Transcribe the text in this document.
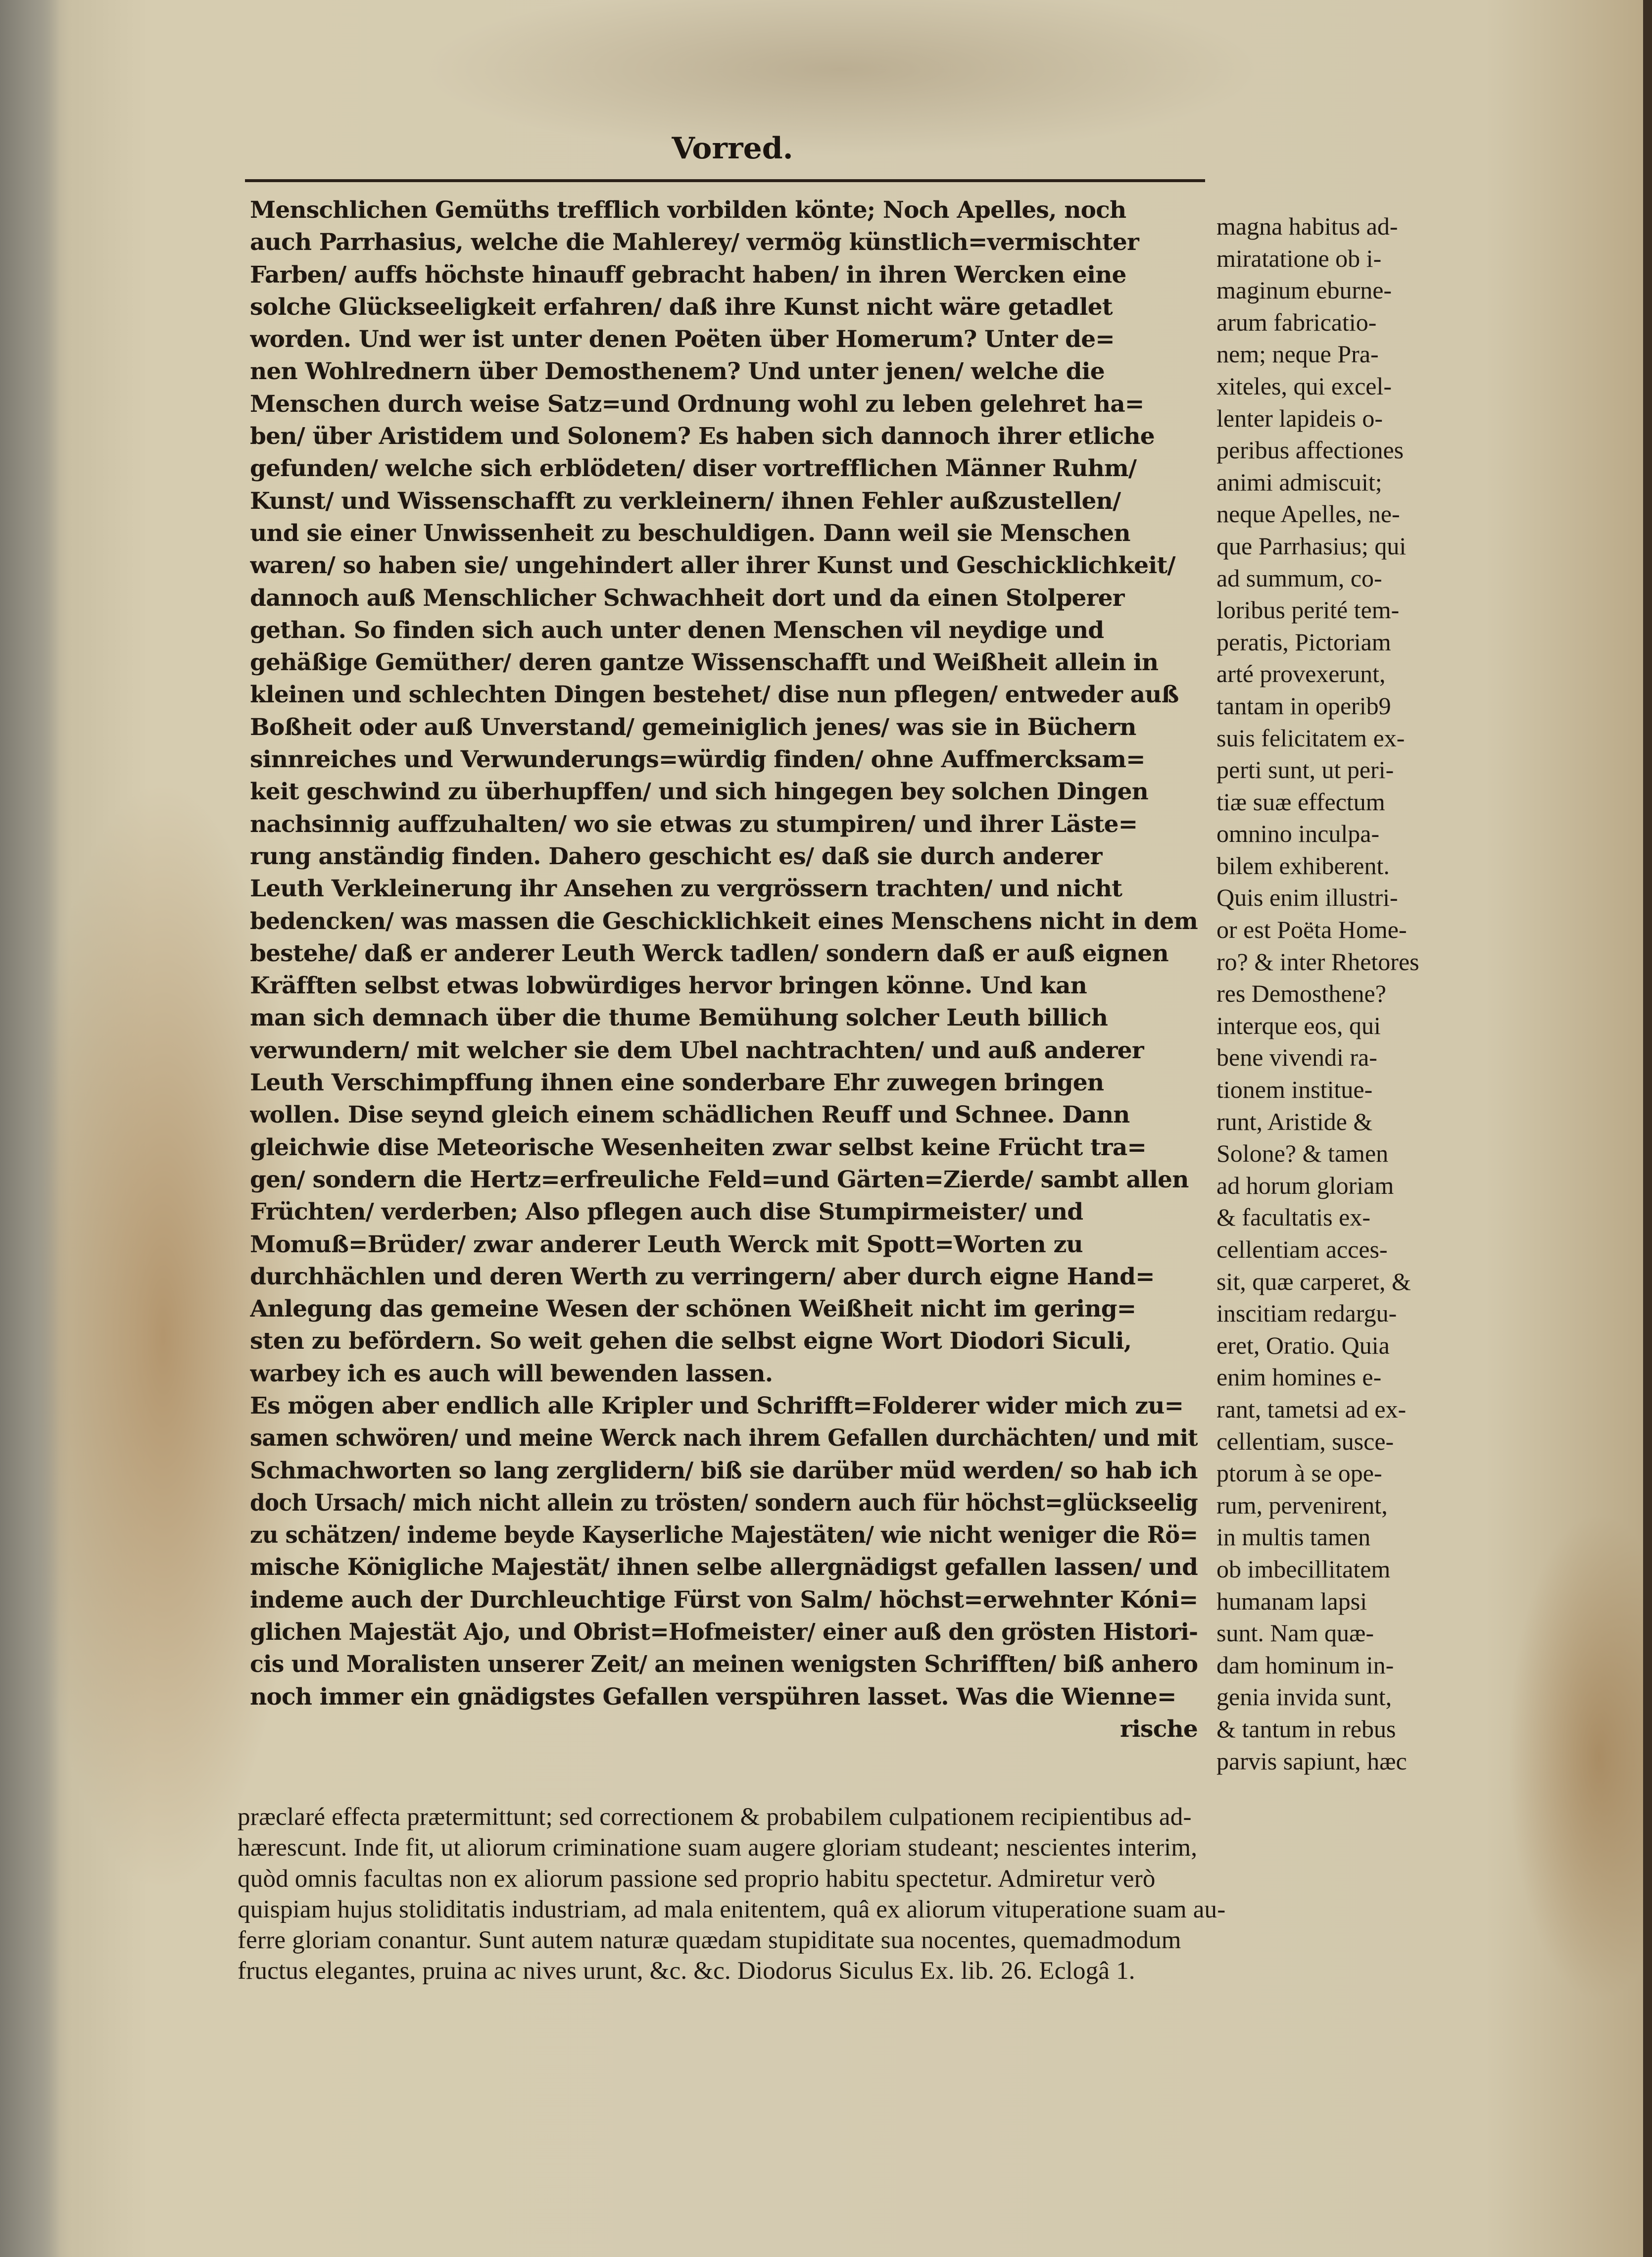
Vorred.
Menschlichen Gemüths trefflich vorbilden könte; Noch Apelles, noch
auch Parrhasius, welche die Mahlerey/ vermög künstlich=vermischter
Farben/ auffs höchste hinauff gebracht haben/ in ihren Wercken eine
solche Glückseeligkeit erfahren/ daß ihre Kunst nicht wäre getadlet
worden. Und wer ist unter denen Poëten über Homerum? Unter de=
nen Wohlrednern über Demosthenem? Und unter jenen/ welche die
Menschen durch weise Satz=und Ordnung wohl zu leben gelehret ha=
ben/ über Aristidem und Solonem? Es haben sich dannoch ihrer etliche
gefunden/ welche sich erblödeten/ diser vortrefflichen Männer Ruhm/
Kunst/ und Wissenschafft zu verkleinern/ ihnen Fehler außzustellen/
und sie einer Unwissenheit zu beschuldigen. Dann weil sie Menschen
waren/ so haben sie/ ungehindert aller ihrer Kunst und Geschicklichkeit/
dannoch auß Menschlicher Schwachheit dort und da einen Stolperer
gethan. So finden sich auch unter denen Menschen vil neydige und
gehäßige Gemüther/ deren gantze Wissenschafft und Weißheit allein in
kleinen und schlechten Dingen bestehet/ dise nun pflegen/ entweder auß
Boßheit oder auß Unverstand/ gemeiniglich jenes/ was sie in Büchern
sinnreiches und Verwunderungs=würdig finden/ ohne Auffmercksam=
keit geschwind zu überhupffen/ und sich hingegen bey solchen Dingen
nachsinnig auffzuhalten/ wo sie etwas zu stumpiren/ und ihrer Läste=
rung anständig finden. Dahero geschicht es/ daß sie durch anderer
Leuth Verkleinerung ihr Ansehen zu vergrössern trachten/ und nicht
bedencken/ was massen die Geschicklichkeit eines Menschens nicht in dem
bestehe/ daß er anderer Leuth Werck tadlen/ sondern daß er auß eignen
Kräfften selbst etwas lobwürdiges hervor bringen könne. Und kan
man sich demnach über die thume Bemühung solcher Leuth billich
verwundern/ mit welcher sie dem Ubel nachtrachten/ und auß anderer
Leuth Verschimpffung ihnen eine sonderbare Ehr zuwegen bringen
wollen. Dise seynd gleich einem schädlichen Reuff und Schnee. Dann
gleichwie dise Meteorische Wesenheiten zwar selbst keine Frücht tra=
gen/ sondern die Hertz=erfreuliche Feld=und Gärten=Zierde/ sambt allen
Früchten/ verderben; Also pflegen auch dise Stumpirmeister/ und
Momuß=Brüder/ zwar anderer Leuth Werck mit Spott=Worten zu
durchhächlen und deren Werth zu verringern/ aber durch eigne Hand=
Anlegung das gemeine Wesen der schönen Weißheit nicht im gering=
sten zu befördern. So weit gehen die selbst eigne Wort Diodori Siculi,
warbey ich es auch will bewenden lassen.
Es mögen aber endlich alle Kripler und Schrifft=Folderer wider mich zu=
samen schwören/ und meine Werck nach ihrem Gefallen durchächten/ und mit
Schmachworten so lang zerglidern/ biß sie darüber müd werden/ so hab ich
doch Ursach/ mich nicht allein zu trösten/ sondern auch für höchst=glückseelig
zu schätzen/ indeme beyde Kayserliche Majestäten/ wie nicht weniger die Rö=
mische Königliche Majestät/ ihnen selbe allergnädigst gefallen lassen/ und
indeme auch der Durchleuchtige Fürst von Salm/ höchst=erwehnter Kóni=
glichen Majestät Ajo, und Obrist=Hofmeister/ einer auß den grösten Histori-
cis und Moralisten unserer Zeit/ an meinen wenigsten Schrifften/ biß anhero
noch immer ein gnädigstes Gefallen verspühren lasset. Was die Wienne=
rische
magna habitus ad-
miratatione ob i-
maginum eburne-
arum fabricatio-
nem; neque Pra-
xiteles, qui excel-
lenter lapideis o-
peribus affectiones
animi admiscuit;
neque Apelles, ne-
que Parrhasius; qui
ad summum, co-
loribus perité tem-
peratis, Pictoriam
arté provexerunt,
tantam in operib9
suis felicitatem ex-
perti sunt, ut peri-
tiæ suæ effectum
omnino inculpa-
bilem exhiberent.
Quis enim illustri-
or est Poëta Home-
ro? & inter Rhetores
res Demosthene?
interque eos, qui
bene vivendi ra-
tionem institue-
runt, Aristide &
Solone? & tamen
ad horum gloriam
& facultatis ex-
cellentiam acces-
sit, quæ carperet, &
inscitiam redargu-
eret, Oratio. Quia
enim homines e-
rant, tametsi ad ex-
cellentiam, susce-
ptorum à se ope-
rum, pervenirent,
in multis tamen
ob imbecillitatem
humanam lapsi
sunt. Nam quæ-
dam hominum in-
genia invida sunt,
& tantum in rebus
parvis sapiunt, hæc
præclaré effecta prætermittunt; sed correctionem & probabilem culpationem recipientibus ad-
hærescunt. Inde fit, ut aliorum criminatione suam augere gloriam studeant; nescientes interim,
quòd omnis facultas non ex aliorum passione sed proprio habitu spectetur. Admiretur verò
quispiam hujus stoliditatis industriam, ad mala enitentem, quâ ex aliorum vituperatione suam au-
ferre gloriam conantur. Sunt autem naturæ quædam stupiditate sua nocentes, quemadmodum
fructus elegantes, pruina ac nives urunt, &c. &c. Diodorus Siculus Ex. lib. 26. Eclogâ 1.
